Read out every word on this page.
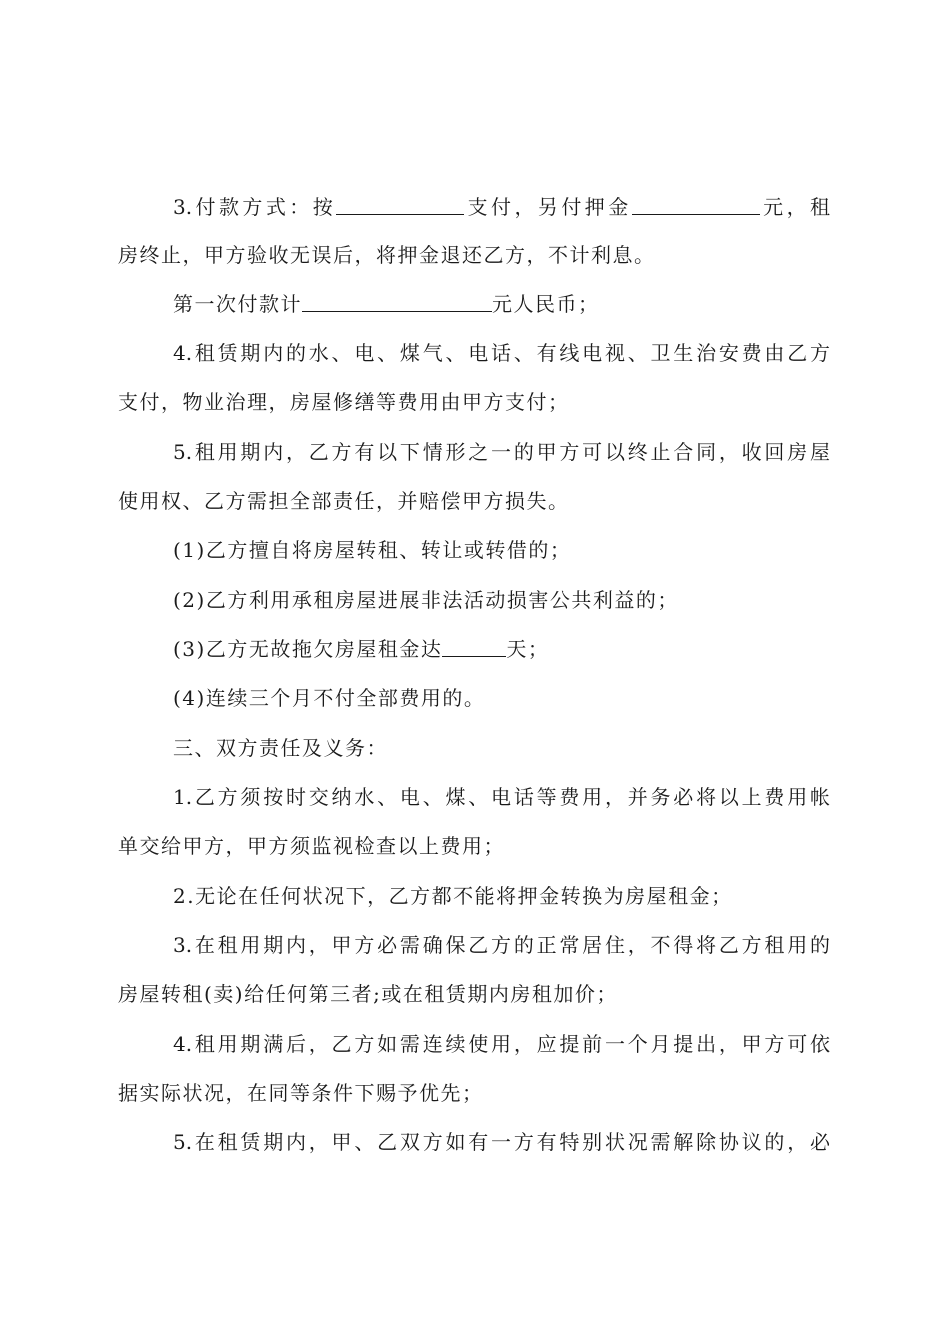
3.付款方式：按	支付，另付押金	元，租
房终止，甲方验收无误后，将押金退还乙方，不计利息。
第一次付款计	元人民币；
4.租赁期内的水、电、煤气、电话、有线电视、卫生治安费由乙方
支付，物业治理，房屋修缮等费用由甲方支付；
5.租用期内，乙方有以下情形之一的甲方可以终止合同，收回房屋
使用权、乙方需担全部责任，并赔偿甲方损失。
(1)乙方擅自将房屋转租、转让或转借的；
(2)乙方利用承租房屋进展非法活动损害公共利益的；
(3)乙方无故拖欠房屋租金达	天；
(4)连续三个月不付全部费用的。
三、双方责任及义务：
1.乙方须按时交纳水、电、煤、电话等费用，并务必将以上费用帐
单交给甲方，甲方须监视检查以上费用；
2.无论在任何状况下，乙方都不能将押金转换为房屋租金；
3.在租用期内，甲方必需确保乙方的正常居住，不得将乙方租用的
房屋转租(卖)给任何第三者;或在租赁期内房租加价；
4.租用期满后，乙方如需连续使用，应提前一个月提出，甲方可依
据实际状况，在同等条件下赐予优先；
5.在租赁期内，甲、乙双方如有一方有特别状况需解除协议的，必
